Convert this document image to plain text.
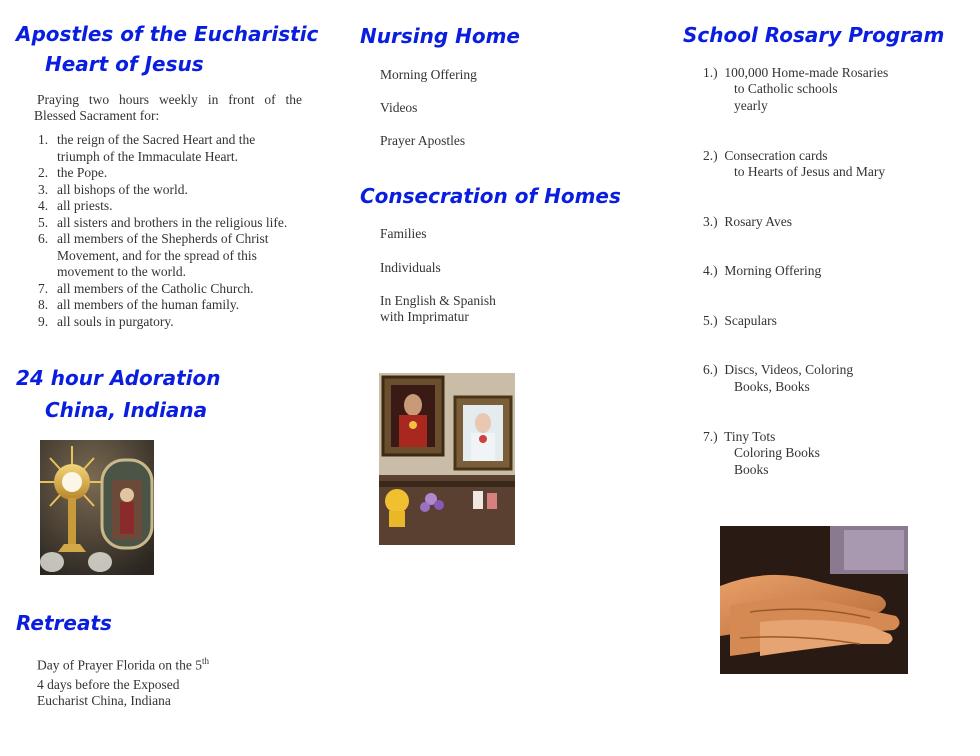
Apostles of the Eucharistic
Heart of Jesus
Praying two hours weekly in front of the
Blessed Sacrament for:
1. the reign of the Sacred Heart and the
triumph of the Immaculate Heart.
2. the Pope.
3. all bishops of the world.
4. all priests.
5. all sisters and brothers in the religious life.
6. all members of the Shepherds of Christ
Movement, and for the spread of this
movement to the world.
7. all members of the Catholic Church.
8. all members of the human family.
9. all souls in purgatory.
24 hour Adoration
China, Indiana
Retreats
Day of Prayer Florida on the 5th
4 days before the Exposed
Eucharist China, Indiana
Nursing Home
Morning Offering
Videos
Prayer Apostles
Consecration of Homes
Families
Individuals
In English & Spanish
with Imprimatur
School Rosary Program
1.) 100,000 Home-made Rosaries
to Catholic schools
yearly
2.) Consecration cards
to Hearts of Jesus and Mary
3.) Rosary Aves
4.) Morning Offering
5.) Scapulars
6.) Discs, Videos, Coloring
Books, Books
7.) Tiny Tots
Coloring Books
Books
